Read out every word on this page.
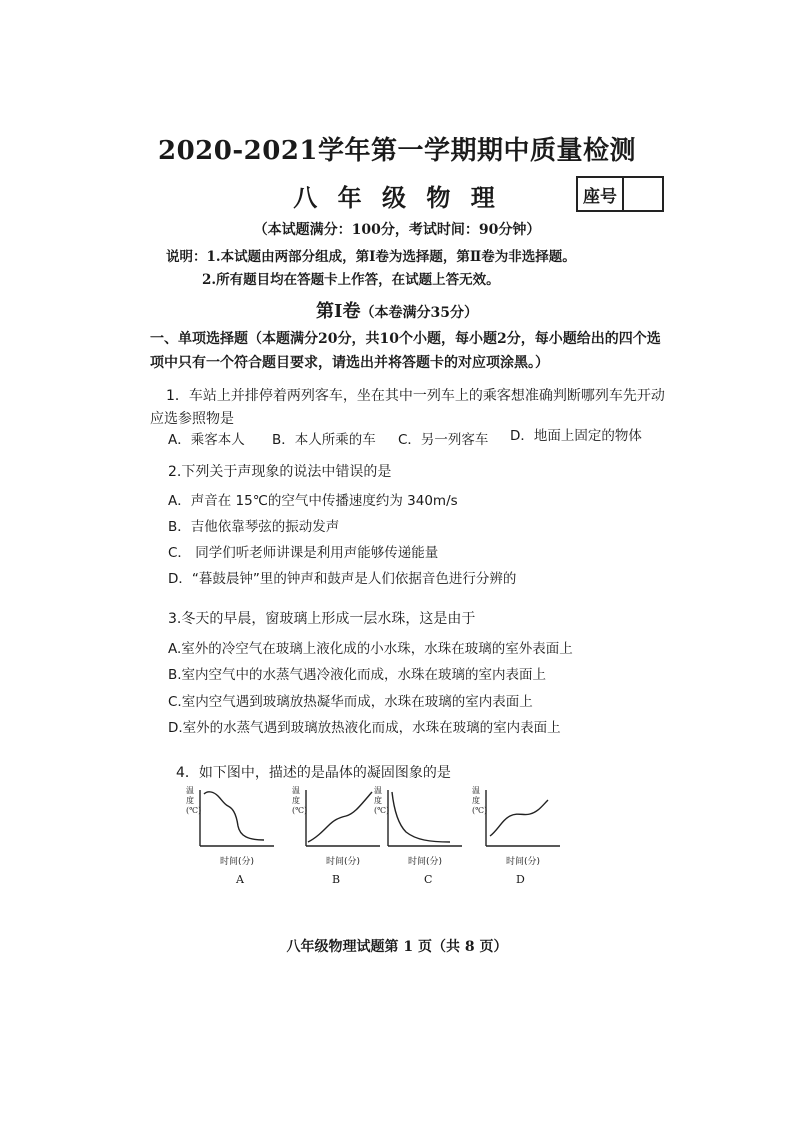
2020-2021学年第一学期期中质量检测
八 年 级 物 理	座号
（本试题满分：100分，考试时间：90分钟）
说明：1.本试题由两部分组成，第Ⅰ卷为选择题，第Ⅱ卷为非选择题。
2.所有题目均在答题卡上作答，在试题上答无效。
第Ⅰ卷（本卷满分35分）
一、单项选择题（本题满分20分，共10个小题，每小题2分，每小题给出的四个选
项中只有一个符合题目要求，请选出并将答题卡的对应项涂黑。）
1．车站上并排停着两列客车，坐在其中一列车上的乘客想准确判断哪列车先开动
应选参照物是
A．乘客本人 B．本人所乘的车 C．另一列客车 D．地面上固定的物体
2.下列关于声现象的说法中错误的是
A．声音在 15℃的空气中传播速度约为 340m/s
B．吉他依靠琴弦的振动发声
C． 同学们听老师讲课是利用声能够传递能量
D．“暮鼓晨钟”里的钟声和鼓声是人们依据音色进行分辨的
3.冬天的早晨，窗玻璃上形成一层水珠，这是由于
A.室外的冷空气在玻璃上液化成的小水珠，水珠在玻璃的室外表面上
B.室内空气中的水蒸气遇冷液化而成，水珠在玻璃的室内表面上
C.室内空气遇到玻璃放热凝华而成，水珠在玻璃的室内表面上
D.室外的水蒸气遇到玻璃放热液化而成，水珠在玻璃的室内表面上
4．如下图中，描述的是晶体的凝固图象的是
温度(℃)
时间(分)
A
温度(℃)
时间(分)
B
温度(℃)
时间(分)
C
温度(℃)
时间(分)
D
八年级物理试题第 1 页（共 8 页）
